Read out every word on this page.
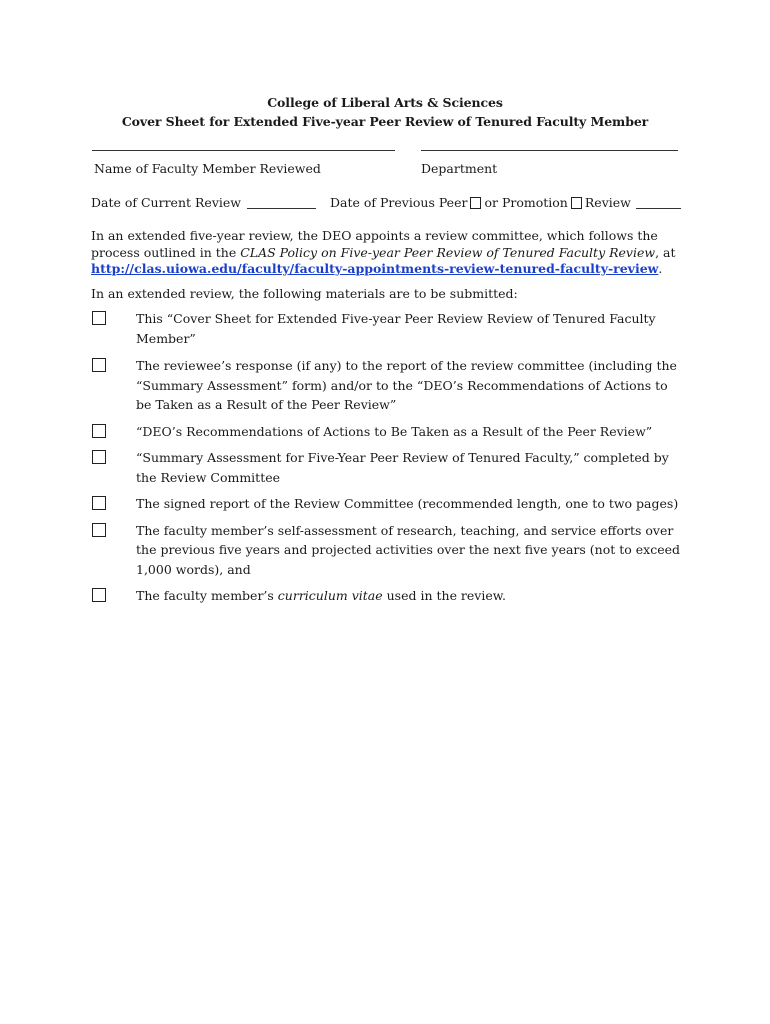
College of Liberal Arts & Sciences
Cover Sheet for Extended Five-year Peer Review of Tenured Faculty Member
Name of Faculty Member Reviewed	Department
Date of Current Review	Date of Previous Peer or Promotion Review
In an extended five-year review, the DEO appoints a review committee, which follows the process outlined in the CLAS Policy on Five-year Peer Review of Tenured Faculty Review, at
http://clas.uiowa.edu/faculty/faculty-appointments-review-tenured-faculty-review.
In an extended review, the following materials are to be submitted:
This “Cover Sheet for Extended Five-year Peer Review Review of Tenured Faculty Member”
The reviewee’s response (if any) to the report of the review committee (including the “Summary Assessment” form) and/or to the “DEO’s Recommendations of Actions to be Taken as a Result of the Peer Review”
“DEO’s Recommendations of Actions to Be Taken as a Result of the Peer Review”
“Summary Assessment for Five-Year Peer Review of Tenured Faculty,” completed by the Review Committee
The signed report of the Review Committee (recommended length, one to two pages)
The faculty member’s self-assessment of research, teaching, and service efforts over the previous five years and projected activities over the next five years (not to exceed 1,000 words), and
The faculty member’s curriculum vitae used in the review.
